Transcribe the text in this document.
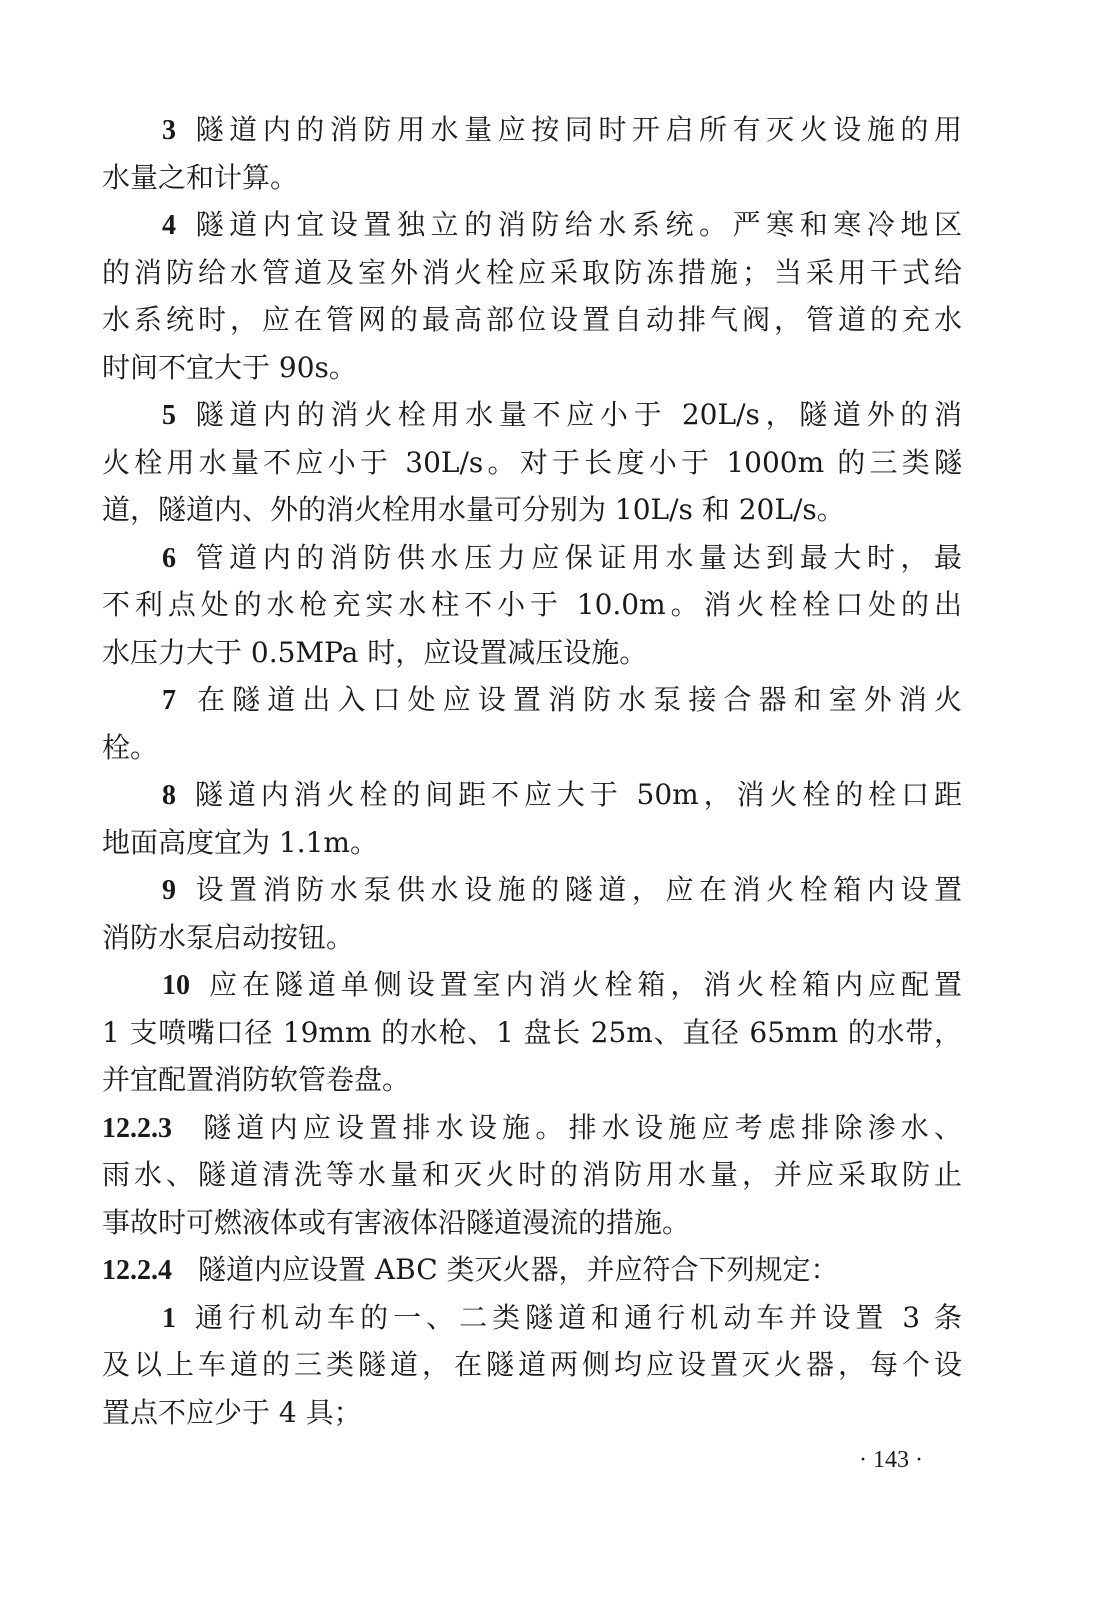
3 隧道内的消防用水量应按同时开启所有灭火设施的用
水量之和计算。
4 隧道内宜设置独立的消防给水系统。严寒和寒冷地区
的消防给水管道及室外消火栓应采取防冻措施；当采用干式给
水系统时，应在管网的最高部位设置自动排气阀，管道的充水
时间不宜大于 90s。
5 隧道内的消火栓用水量不应小于 20L/s，隧道外的消
火栓用水量不应小于 30L/s。对于长度小于 1000m 的三类隧
道，隧道内、外的消火栓用水量可分别为 10L/s 和 20L/s。
6 管道内的消防供水压力应保证用水量达到最大时，最
不利点处的水枪充实水柱不小于 10.0m。消火栓栓口处的出
水压力大于 0.5MPa 时，应设置减压设施。
7 在隧道出入口处应设置消防水泵接合器和室外消火
栓。
8 隧道内消火栓的间距不应大于 50m，消火栓的栓口距
地面高度宜为 1.1m。
9 设置消防水泵供水设施的隧道，应在消火栓箱内设置
消防水泵启动按钮。
10 应在隧道单侧设置室内消火栓箱，消火栓箱内应配置
1 支喷嘴口径 19mm 的水枪、1 盘长 25m、直径 65mm 的水带，
并宜配置消防软管卷盘。
12.2.3 隧道内应设置排水设施。排水设施应考虑排除渗水、
雨水、隧道清洗等水量和灭火时的消防用水量，并应采取防止
事故时可燃液体或有害液体沿隧道漫流的措施。
12.2.4 隧道内应设置 ABC 类灭火器，并应符合下列规定：
1 通行机动车的一、二类隧道和通行机动车并设置 3 条
及以上车道的三类隧道，在隧道两侧均应设置灭火器，每个设
置点不应少于 4 具；
· 143 ·
